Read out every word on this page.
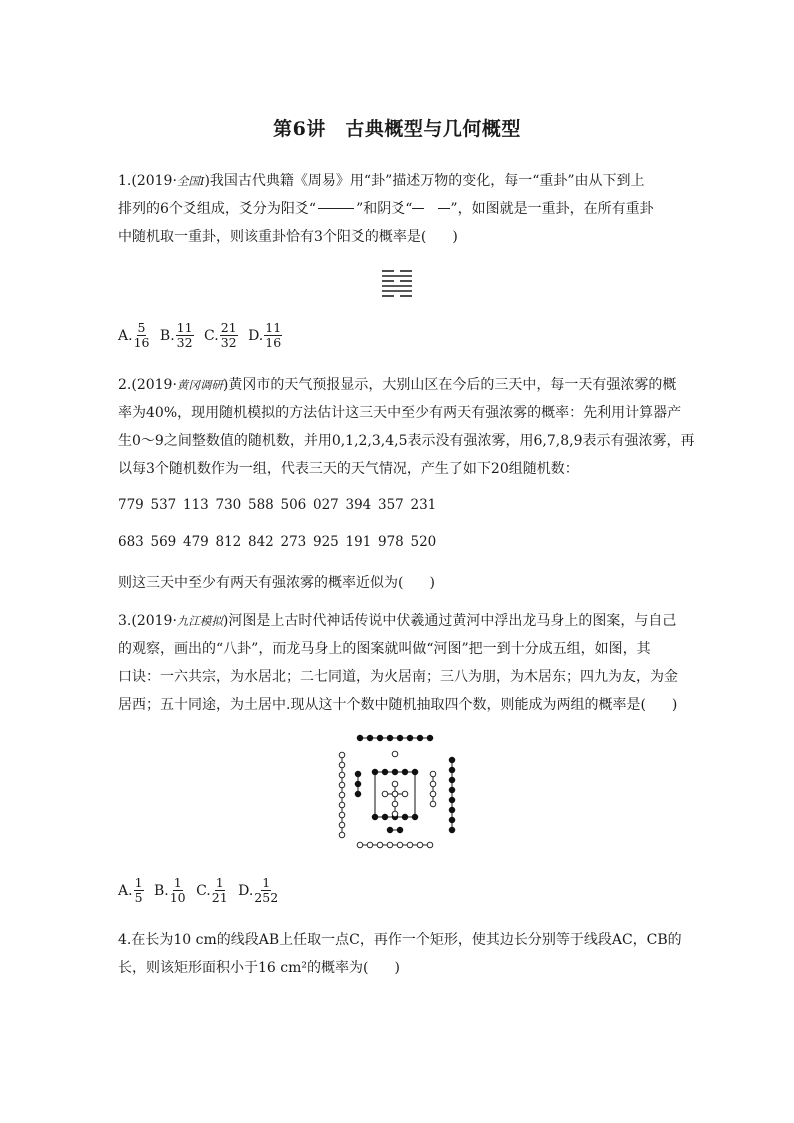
第6讲　古典概型与几何概型
1.(2019·全国Ⅰ)我国古代典籍《周易》用“卦”描述万物的变化，每一“重卦”由从下到上
排列的6个爻组成，爻分为阳爻“	”和阴爻“	”，如图就是一重卦，在所有重卦
中随机取一重卦，则该重卦恰有3个阳爻的概率是( )
A. $\frac{5}{16}$
B. $\frac{11}{32}$
C. $\frac{21}{32}$
D. $\frac{11}{16}$
2.(2019·黄冈调研)黄冈市的天气预报显示，大别山区在今后的三天中，每一天有强浓雾的概
率为40%，现用随机模拟的方法估计这三天中至少有两天有强浓雾的概率：先利用计算器产
生0～9之间整数值的随机数，并用0,1,2,3,4,5表示没有强浓雾，用6,7,8,9表示有强浓雾，再
以每3个随机数作为一组，代表三天的天气情况，产生了如下20组随机数：
779 537 113 730 588 506 027 394 357 231
683 569 479 812 842 273 925 191 978 520
则这三天中至少有两天有强浓雾的概率近似为( )
3.(2019·九江模拟)河图是上古时代神话传说中伏羲通过黄河中浮出龙马身上的图案，与自己
的观察，画出的“八卦”，而龙马身上的图案就叫做“河图”把一到十分成五组，如图，其
口诀：一六共宗，为水居北；二七同道，为火居南；三八为朋，为木居东；四九为友，为金
居西；五十同途，为土居中.现从这十个数中随机抽取四个数，则能成为两组的概率是( )
A. $\frac{1}{5}$
B. $\frac{1}{10}$
C. $\frac{1}{21}$
D. $\frac{1}{252}$
4.在长为10 cm的线段AB上任取一点C，再作一个矩形，使其边长分别等于线段AC，CB的
长，则该矩形面积小于16 cm²的概率为( )
